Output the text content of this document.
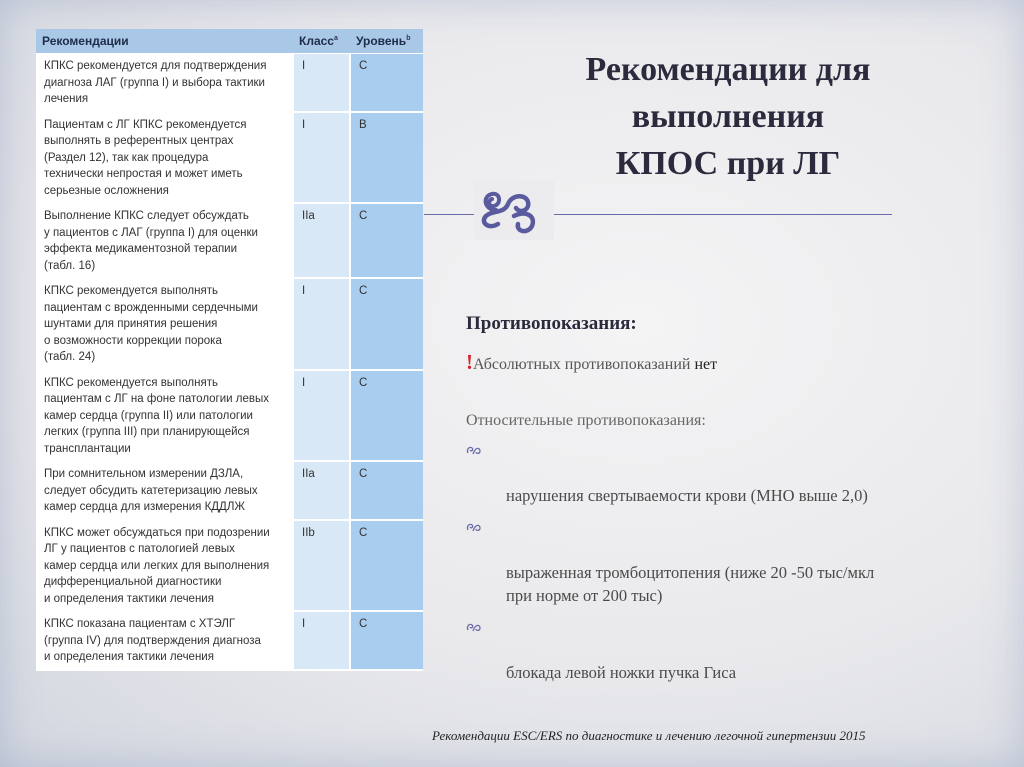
Рекомендации	Класс$^a$	Уровень$^b$

КПКС рекомендуется для подтверждения
диагноза ЛАГ (группа I) и выбора тактики
лечения	I	C

Пациентам с ЛГ КПКС рекомендуется
выполнять в референтных центрах
(Раздел 12), так как процедура
технически непростая и может иметь
серьезные осложнения	I	B

Выполнение КПКС следует обсуждать
у пациентов с ЛАГ (группа I) для оценки
эффекта медикаментозной терапии
(табл. 16)	IIa	C

КПКС рекомендуется выполнять
пациентам с врожденными сердечными
шунтами для принятия решения
о возможности коррекции порока
(табл. 24)	I	C

КПКС рекомендуется выполнять
пациентам с ЛГ на фоне патологии левых
камер сердца (группа II) или патологии
легких (группа III) при планирующейся
трансплантации	I	C

При сомнительном измерении ДЗЛА,
следует обсудить катетеризацию левых
камер сердца для измерения КДДЛЖ	IIa	C

КПКС может обсуждаться при подозрении
ЛГ у пациентов с патологией левых
камер сердца или легких для выполнения
дифференциальной диагностики
и определения тактики лечения	IIb	C

КПКС показана пациентам с ХТЭЛГ
(группа IV) для подтверждения диагноза
и определения тактики лечения	I	C
Рекомендации для
выполнения
КПОС при ЛГ
Противопоказания:
!Абсолютных противопоказаний нет
Относительные противопоказания:

нарушения свертываемости крови (МНО выше 2,0)

выраженная тромбоцитопения (ниже 20 -50 тыс/мкл
при норме от 200 тыс)

блокада левой ножки пучка Гиса

Рекомендации ESC/ERS по диагностике и лечению легочной гипертензии 2015
